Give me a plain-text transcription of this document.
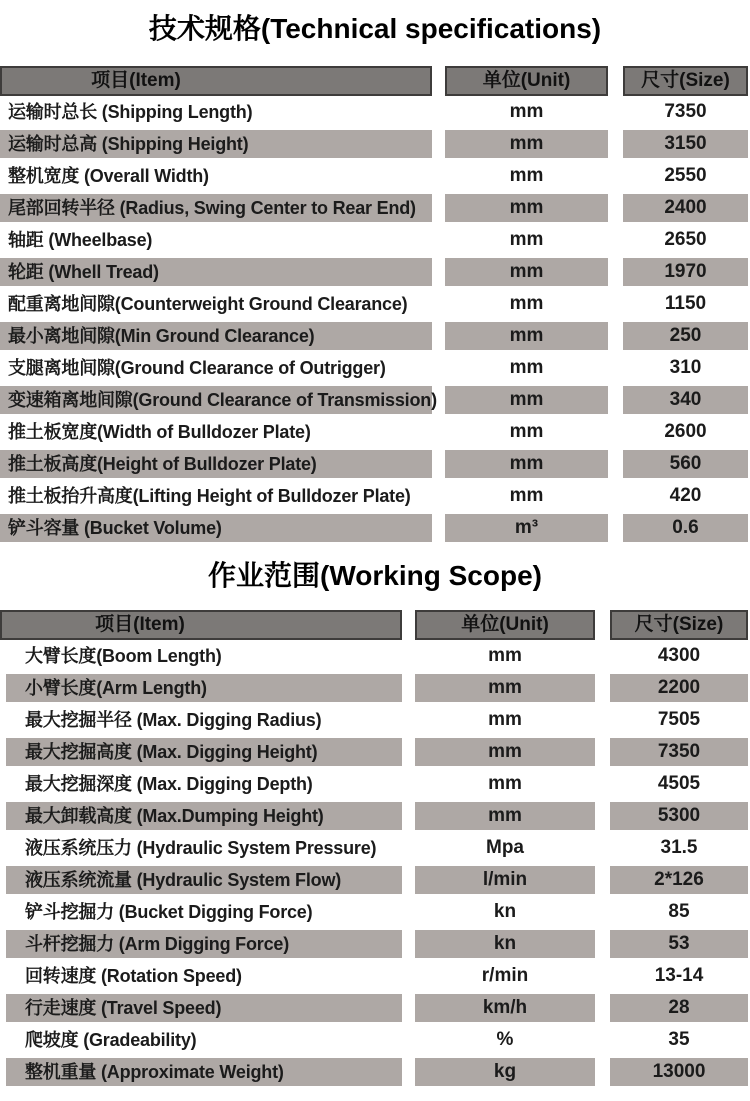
技术规格(Technical specifications)
项目(Item)	单位(Unit)	尺寸(Size)
运输时总长 (Shipping Length)	mm	7350
运输时总高 (Shipping Height)	mm	3150
整机宽度 (Overall Width)	mm	2550
尾部回转半径 (Radius, Swing Center to Rear End)	mm	2400
轴距 (Wheelbase)	mm	2650
轮距 (Whell Tread)	mm	1970
配重离地间隙(Counterweight Ground Clearance)	mm	1150
最小离地间隙(Min Ground Clearance)	mm	250
支腿离地间隙(Ground Clearance of Outrigger)	mm	310
变速箱离地间隙(Ground Clearance of Transmission)	mm	340
推土板宽度(Width of Bulldozer Plate)	mm	2600
推土板高度(Height of Bulldozer Plate)	mm	560
推土板抬升高度(Lifting Height of Bulldozer Plate)	mm	420
铲斗容量 (Bucket Volume)	m³	0.6
作业范围(Working Scope)
项目(Item)	单位(Unit)	尺寸(Size)
大臂长度(Boom Length)	mm	4300
小臂长度(Arm Length)	mm	2200
最大挖掘半径 (Max. Digging Radius)	mm	7505
最大挖掘高度 (Max. Digging Height)	mm	7350
最大挖掘深度 (Max. Digging Depth)	mm	4505
最大卸载高度 (Max.Dumping Height)	mm	5300
液压系统压力 (Hydraulic System Pressure)	Mpa	31.5
液压系统流量 (Hydraulic System Flow)	l/min	2*126
铲斗挖掘力 (Bucket Digging Force)	kn	85
斗杆挖掘力 (Arm Digging Force)	kn	53
回转速度 (Rotation Speed)	r/min	13-14
行走速度 (Travel Speed)	km/h	28
爬坡度 (Gradeability)	%	35
整机重量 (Approximate Weight)	kg	13000
